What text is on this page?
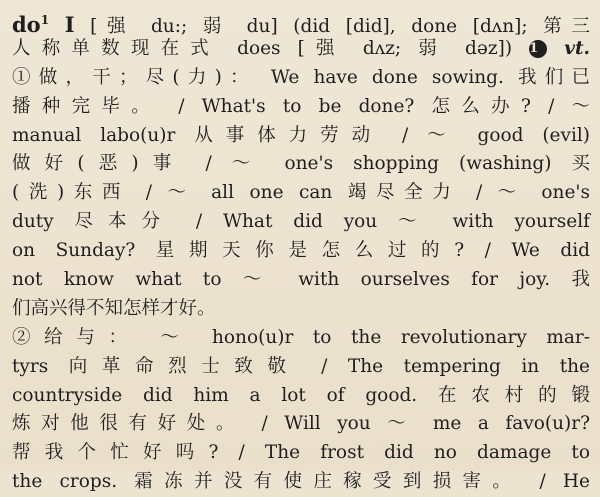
$do^1$ I [强 du:; 弱 du] (did [did], done [dʌn]; 第三
人称单数现在式 does [强 dʌz; 弱 dəz]) 1 vt.
①做，干；尽(力)： We have done sowing. 我们已
播种完毕。 / What's to be done? 怎么办? / ～
manual labo(u)r 从事体力劳动 / ～ good (evil)
做好(恶)事 / ～ one's shopping (washing) 买
(洗)东西 / ～ all one can 竭尽全力 / ～ one's
duty 尽本分 / What did you ～ with yourself
on Sunday? 星期天你是怎么过的? / We did
not know what to ～ with ourselves for joy. 我
们高兴得不知怎样才好。
②给与： ～ hono(u)r to the revolutionary mar-
tyrs 向革命烈士致敬 / The tempering in the
countryside did him a lot of good. 在农村的锻
炼对他很有好处。 / Will you ～ me a favo(u)r?
帮我个忙好吗? / The frost did no damage to
the crops. 霜冻并没有使庄稼受到损害。 / He
